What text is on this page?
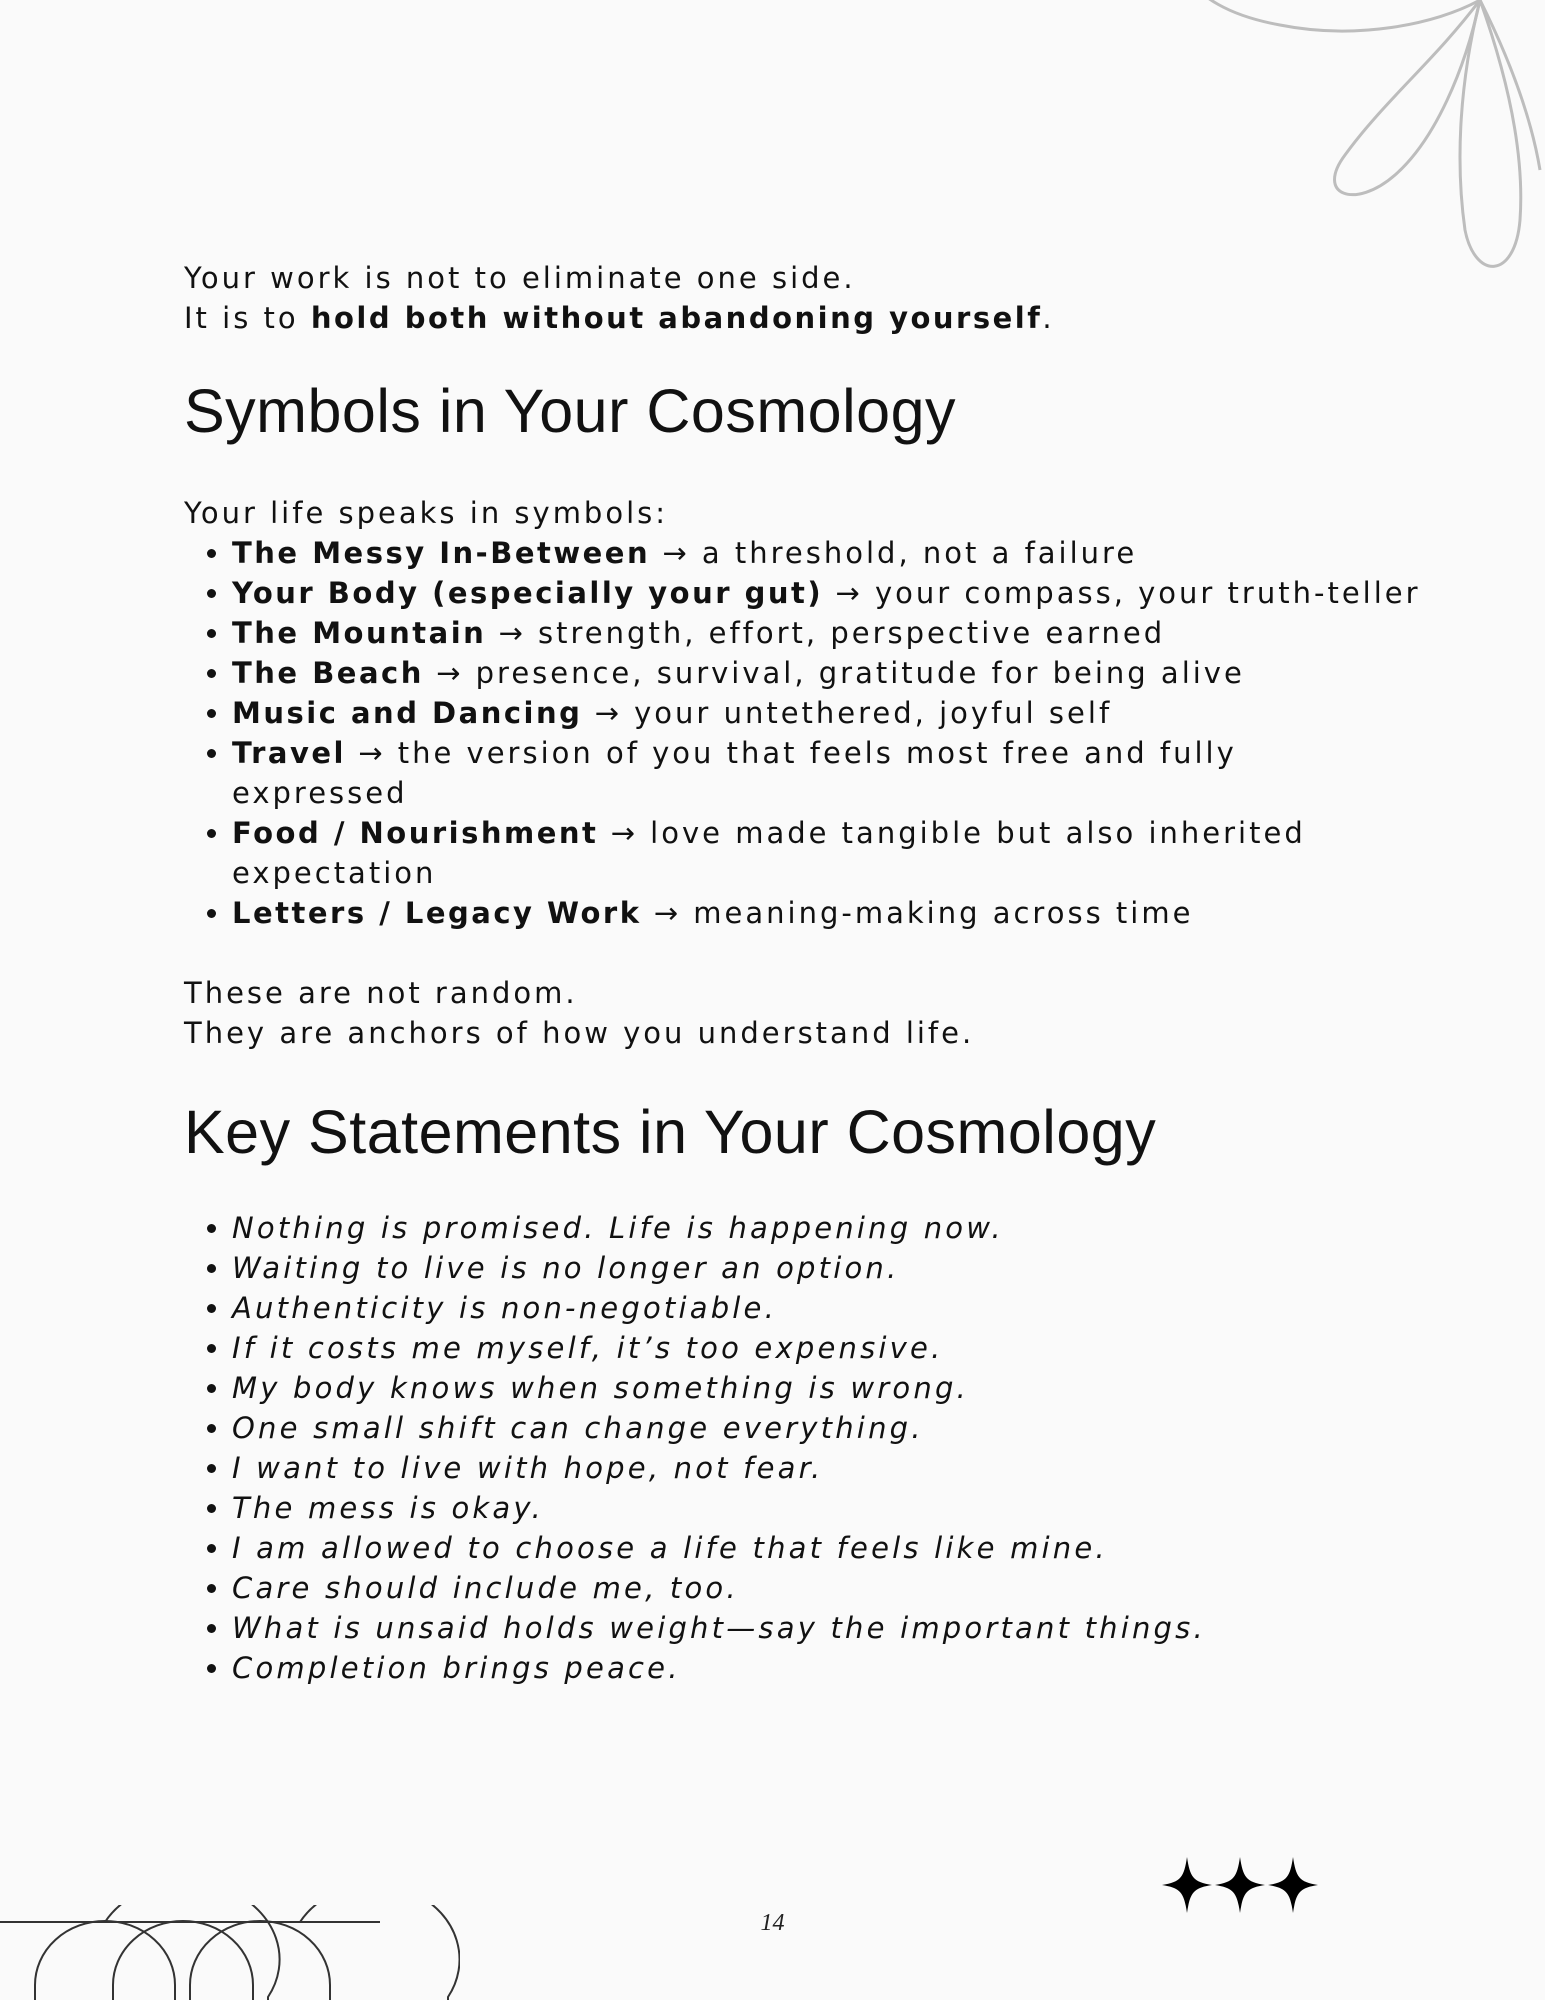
Your work is not to eliminate one side.

It is to hold both without abandoning yourself.

Symbols in Your Cosmology

Your life speaks in symbols:

• The Messy In-Between → a threshold, not a failure
• Your Body (especially your gut) → your compass, your truth-teller
• The Mountain → strength, effort, perspective earned
• The Beach → presence, survival, gratitude for being alive
• Music and Dancing → your untethered, joyful self
• Travel → the version of you that feels most free and fully expressed
• Food / Nourishment → love made tangible but also inherited expectation
• Letters / Legacy Work → meaning-making across time

These are not random.

They are anchors of how you understand life.

Key Statements in Your Cosmology
• Nothing is promised. Life is happening now.
• Waiting to live is no longer an option.
• Authenticity is non-negotiable.
• If it costs me myself, it’s too expensive.
• My body knows when something is wrong.
• One small shift can change everything.
• I want to live with hope, not fear.
• The mess is okay.
• I am allowed to choose a life that feels like mine.
• Care should include me, too.
• What is unsaid holds weight—say the important things.
• Completion brings peace.
14
